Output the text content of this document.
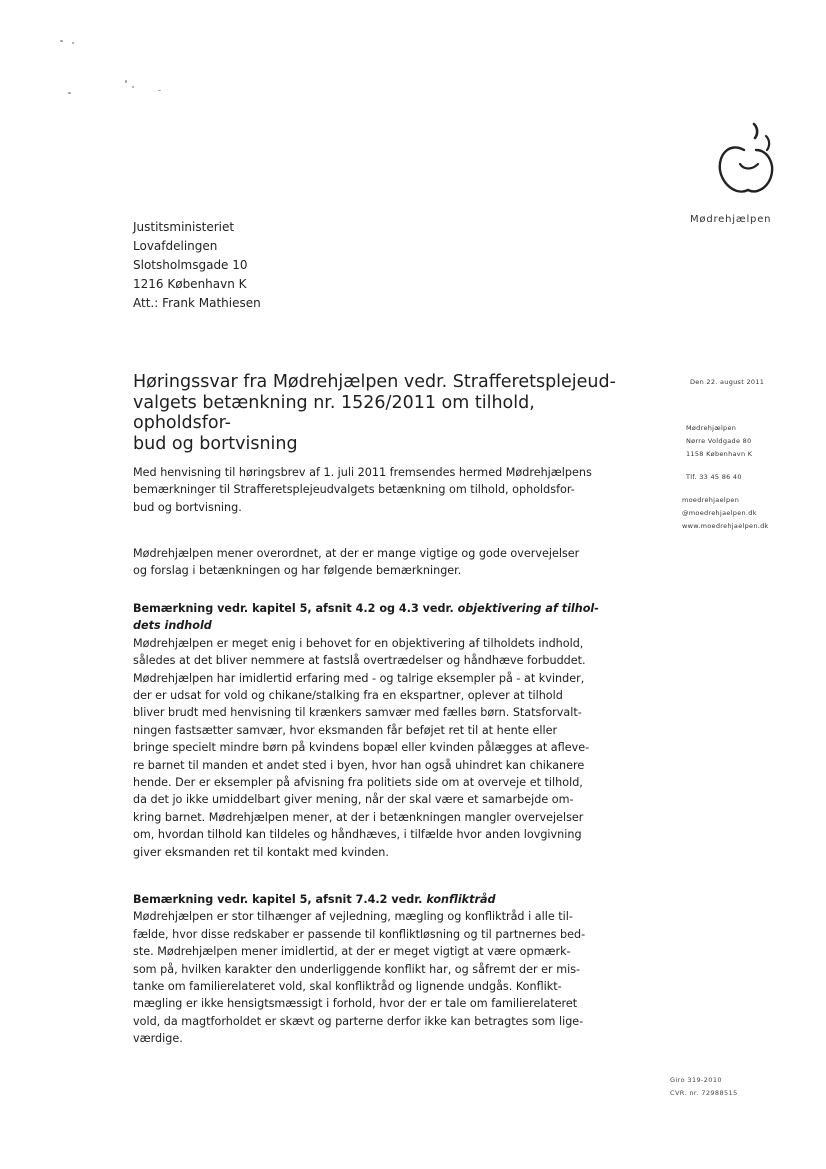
Mødrehjælpen
Justitsministeriet
Lovafdelingen
Slotsholmsgade 10
1216 København K
Att.: Frank Mathiesen
Den 22. august 2011
Mødrehjælpen
Nørre Voldgade 80
1158 København K
Tlf. 33 45 86 40
moedrehjaelpen
@moedrehjaelpen.dk
www.moedrehjaelpen.dk
Høringssvar fra Mødrehjælpen vedr. Strafferetsplejeud-
valgets betænkning nr. 1526/2011 om tilhold, opholdsfor-
bud og bortvisning
Med henvisning til høringsbrev af 1. juli 2011 fremsendes hermed Mødrehjælpens
bemærkninger til Strafferetsplejeudvalgets betænkning om tilhold, opholdsfor-
bud og bortvisning.
Mødrehjælpen mener overordnet, at der er mange vigtige og gode overvejelser
og forslag i betænkningen og har følgende bemærkninger.
Bemærkning vedr. kapitel 5, afsnit 4.2 og 4.3 vedr. objektivering af tilhol-
dets indhold
Mødrehjælpen er meget enig i behovet for en objektivering af tilholdets indhold,
således at det bliver nemmere at fastslå overtrædelser og håndhæve forbuddet.
Mødrehjælpen har imidlertid erfaring med - og talrige eksempler på - at kvinder,
der er udsat for vold og chikane/stalking fra en ekspartner, oplever at tilhold
bliver brudt med henvisning til krænkers samvær med fælles børn. Statsforvalt-
ningen fastsætter samvær, hvor eksmanden får beføjet ret til at hente eller
bringe specielt mindre børn på kvindens bopæl eller kvinden pålægges at afleve-
re barnet til manden et andet sted i byen, hvor han også uhindret kan chikanere
hende. Der er eksempler på afvisning fra politiets side om at overveje et tilhold,
da det jo ikke umiddelbart giver mening, når der skal være et samarbejde om-
kring barnet. Mødrehjælpen mener, at der i betænkningen mangler overvejelser
om, hvordan tilhold kan tildeles og håndhæves, i tilfælde hvor anden lovgivning
giver eksmanden ret til kontakt med kvinden.
Bemærkning vedr. kapitel 5, afsnit 7.4.2 vedr. konfliktråd
Mødrehjælpen er stor tilhænger af vejledning, mægling og konfliktråd i alle til-
fælde, hvor disse redskaber er passende til konfliktløsning og til partnernes bed-
ste. Mødrehjælpen mener imidlertid, at der er meget vigtigt at være opmærk-
som på, hvilken karakter den underliggende konflikt har, og såfremt der er mis-
tanke om familierelateret vold, skal konfliktråd og lignende undgås. Konflikt-
mægling er ikke hensigtsmæssigt i forhold, hvor der er tale om familierelateret
vold, da magtforholdet er skævt og parterne derfor ikke kan betragtes som lige-
værdige.
Giro 319-2010
CVR. nr. 72988515
